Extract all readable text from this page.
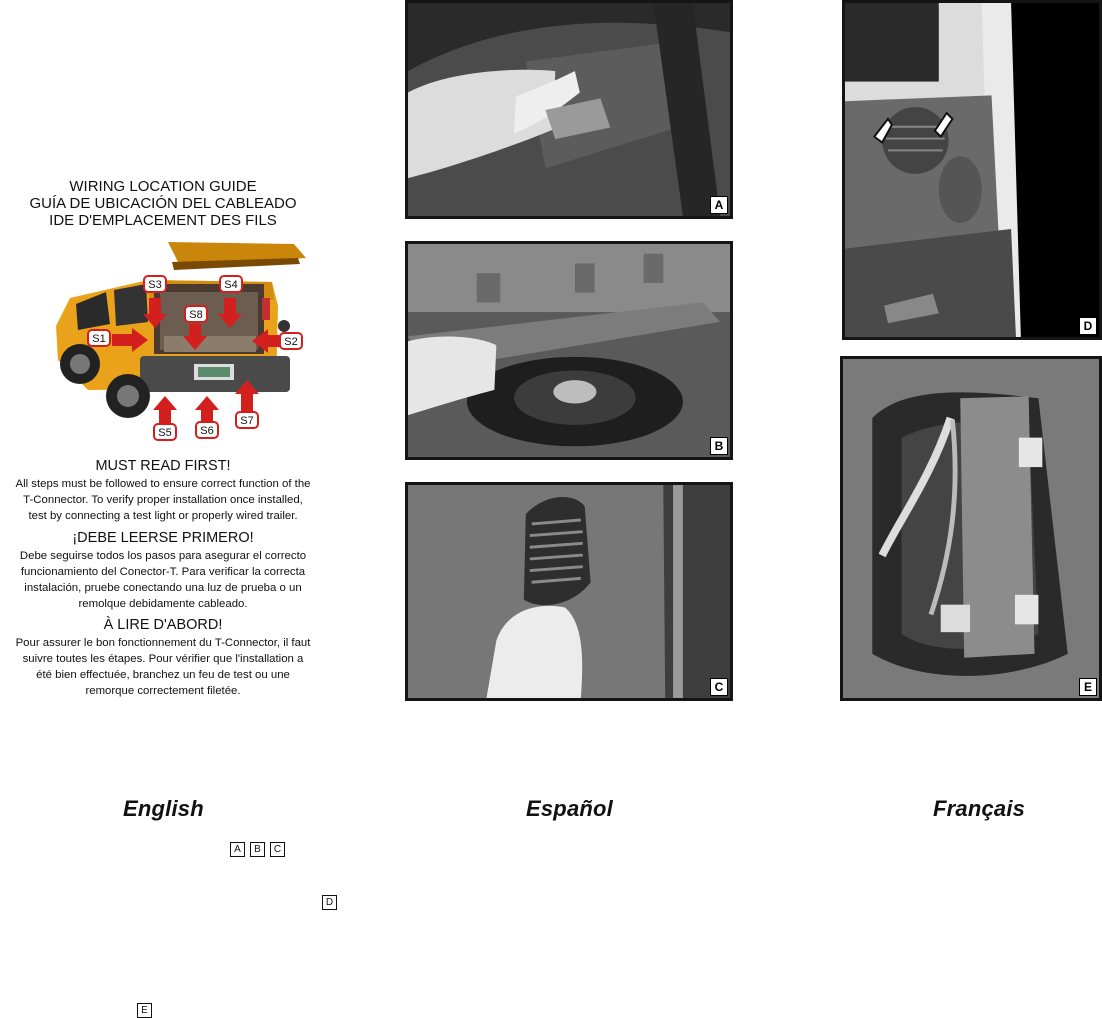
WIRING LOCATION GUIDE
GUÍA DE UBICACIÓN DEL CABLEADO
IDE D'EMPLACEMENT DES FILS
S3	S4
S8
S1	S2
S5	S6
S7
MUST READ FIRST!
All steps must be followed to ensure correct function of the
T-Connector. To verify proper installation once installed,
test by connecting a test light or properly wired trailer.
¡DEBE LEERSE PRIMERO!
Debe seguirse todos los pasos para asegurar el correcto
funcionamiento del Conector-T. Para verificar la correcta
instalación, pruebe conectando una luz de prueba o un
remolque debidamente cableado.
À LIRE D'ABORD!
Pour assurer le bon fonctionnement du T-Connector, il faut
suivre toutes les étapes. Pour vérifier que l'installation a
été bien effectuée, branchez un feu de test ou une
remorque correctement filetée.
A
B
C
D
E
English	Español	Français
A	B	C
D
E
